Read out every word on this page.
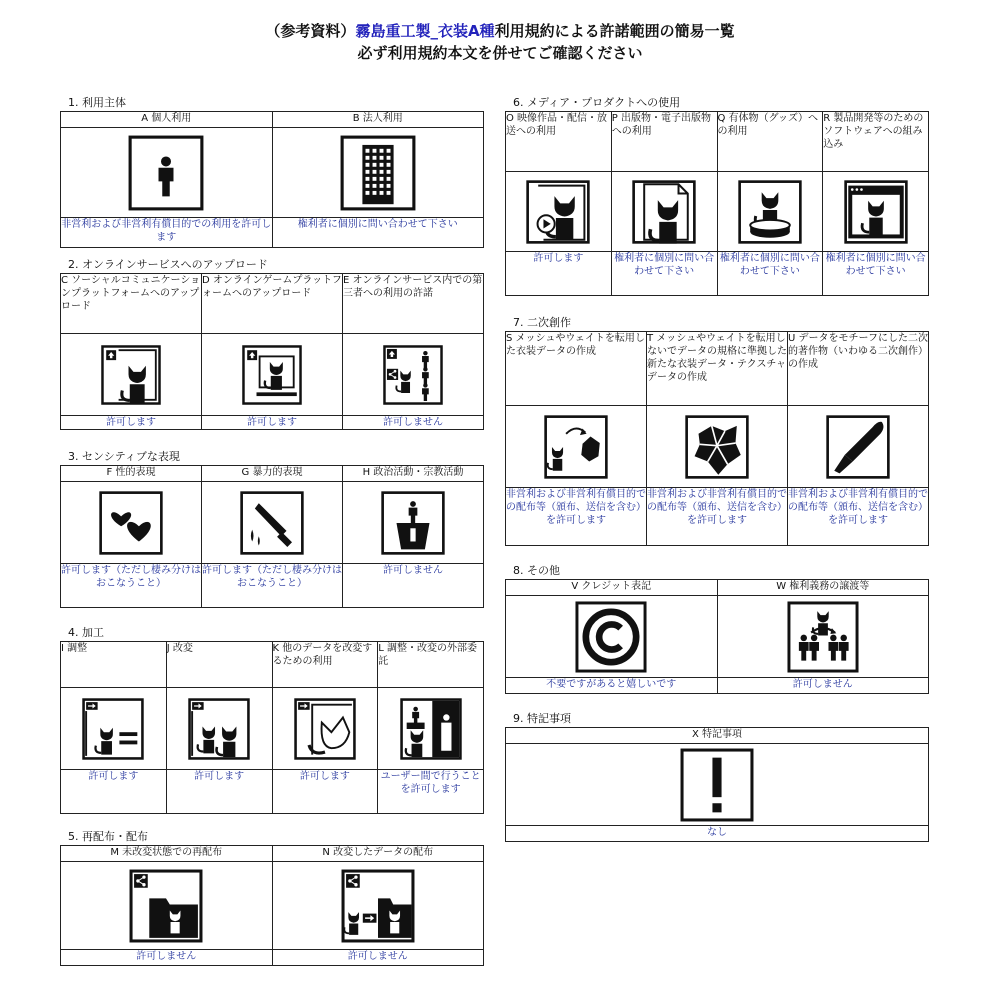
（参考資料）霧島重工製_衣装A種利用規約による許諾範囲の簡易一覧
必ず利用規約本文を併せてご確認ください
1. 利用主体
A 個人利用	B 法人利用

非営利および非営利有償目的での利用を許可します	権利者に個別に問い合わせて下さい
2. オンラインサービスへのアップロード
C ソーシャルコミュニケーションプラットフォームへのアップロード	D オンラインゲームプラットフォームへのアップロード	E オンラインサービス内での第三者への利用の許諾

許可します	許可します	許可しません
3. センシティブな表現
F 性的表現	G 暴力的表現	H 政治活動・宗教活動

許可します（ただし棲み分けはおこなうこと）	許可します（ただし棲み分けはおこなうこと）	許可しません
4. 加工
I 調整	J 改変	K 他のデータを改変するための利用	L 調整・改変の外部委託

許可します	許可します	許可します	ユーザー間で行うことを許可します
5. 再配布・配布
M 未改変状態での再配布	N 改変したデータの配布

許可しません	許可しません
6. メディア・プロダクトへの使用
O 映像作品・配信・放送への利用	P 出版物・電子出版物への利用	Q 有体物（グッズ）への利用	R 製品開発等のためのソフトウェアへの組み込み

許可します	権利者に個別に問い合わせて下さい	権利者に個別に問い合わせて下さい	権利者に個別に問い合わせて下さい
7. 二次創作
S メッシュやウェイトを転用した衣装データの作成	T メッシュやウェイトを転用しないでデータの規格に準拠した新たな衣装データ・テクスチャデータの作成	U データをモチーフにした二次的著作物（いわゆる二次創作）の作成

非営利および非営利有償目的での配布等（頒布、送信を含む）を許可します	非営利および非営利有償目的での配布等（頒布、送信を含む）を許可します	非営利および非営利有償目的での配布等（頒布、送信を含む）を許可します
8. その他
V クレジット表記	W 権利義務の譲渡等

不要ですがあると嬉しいです	許可しません
9. 特記事項
X 特記事項

なし
